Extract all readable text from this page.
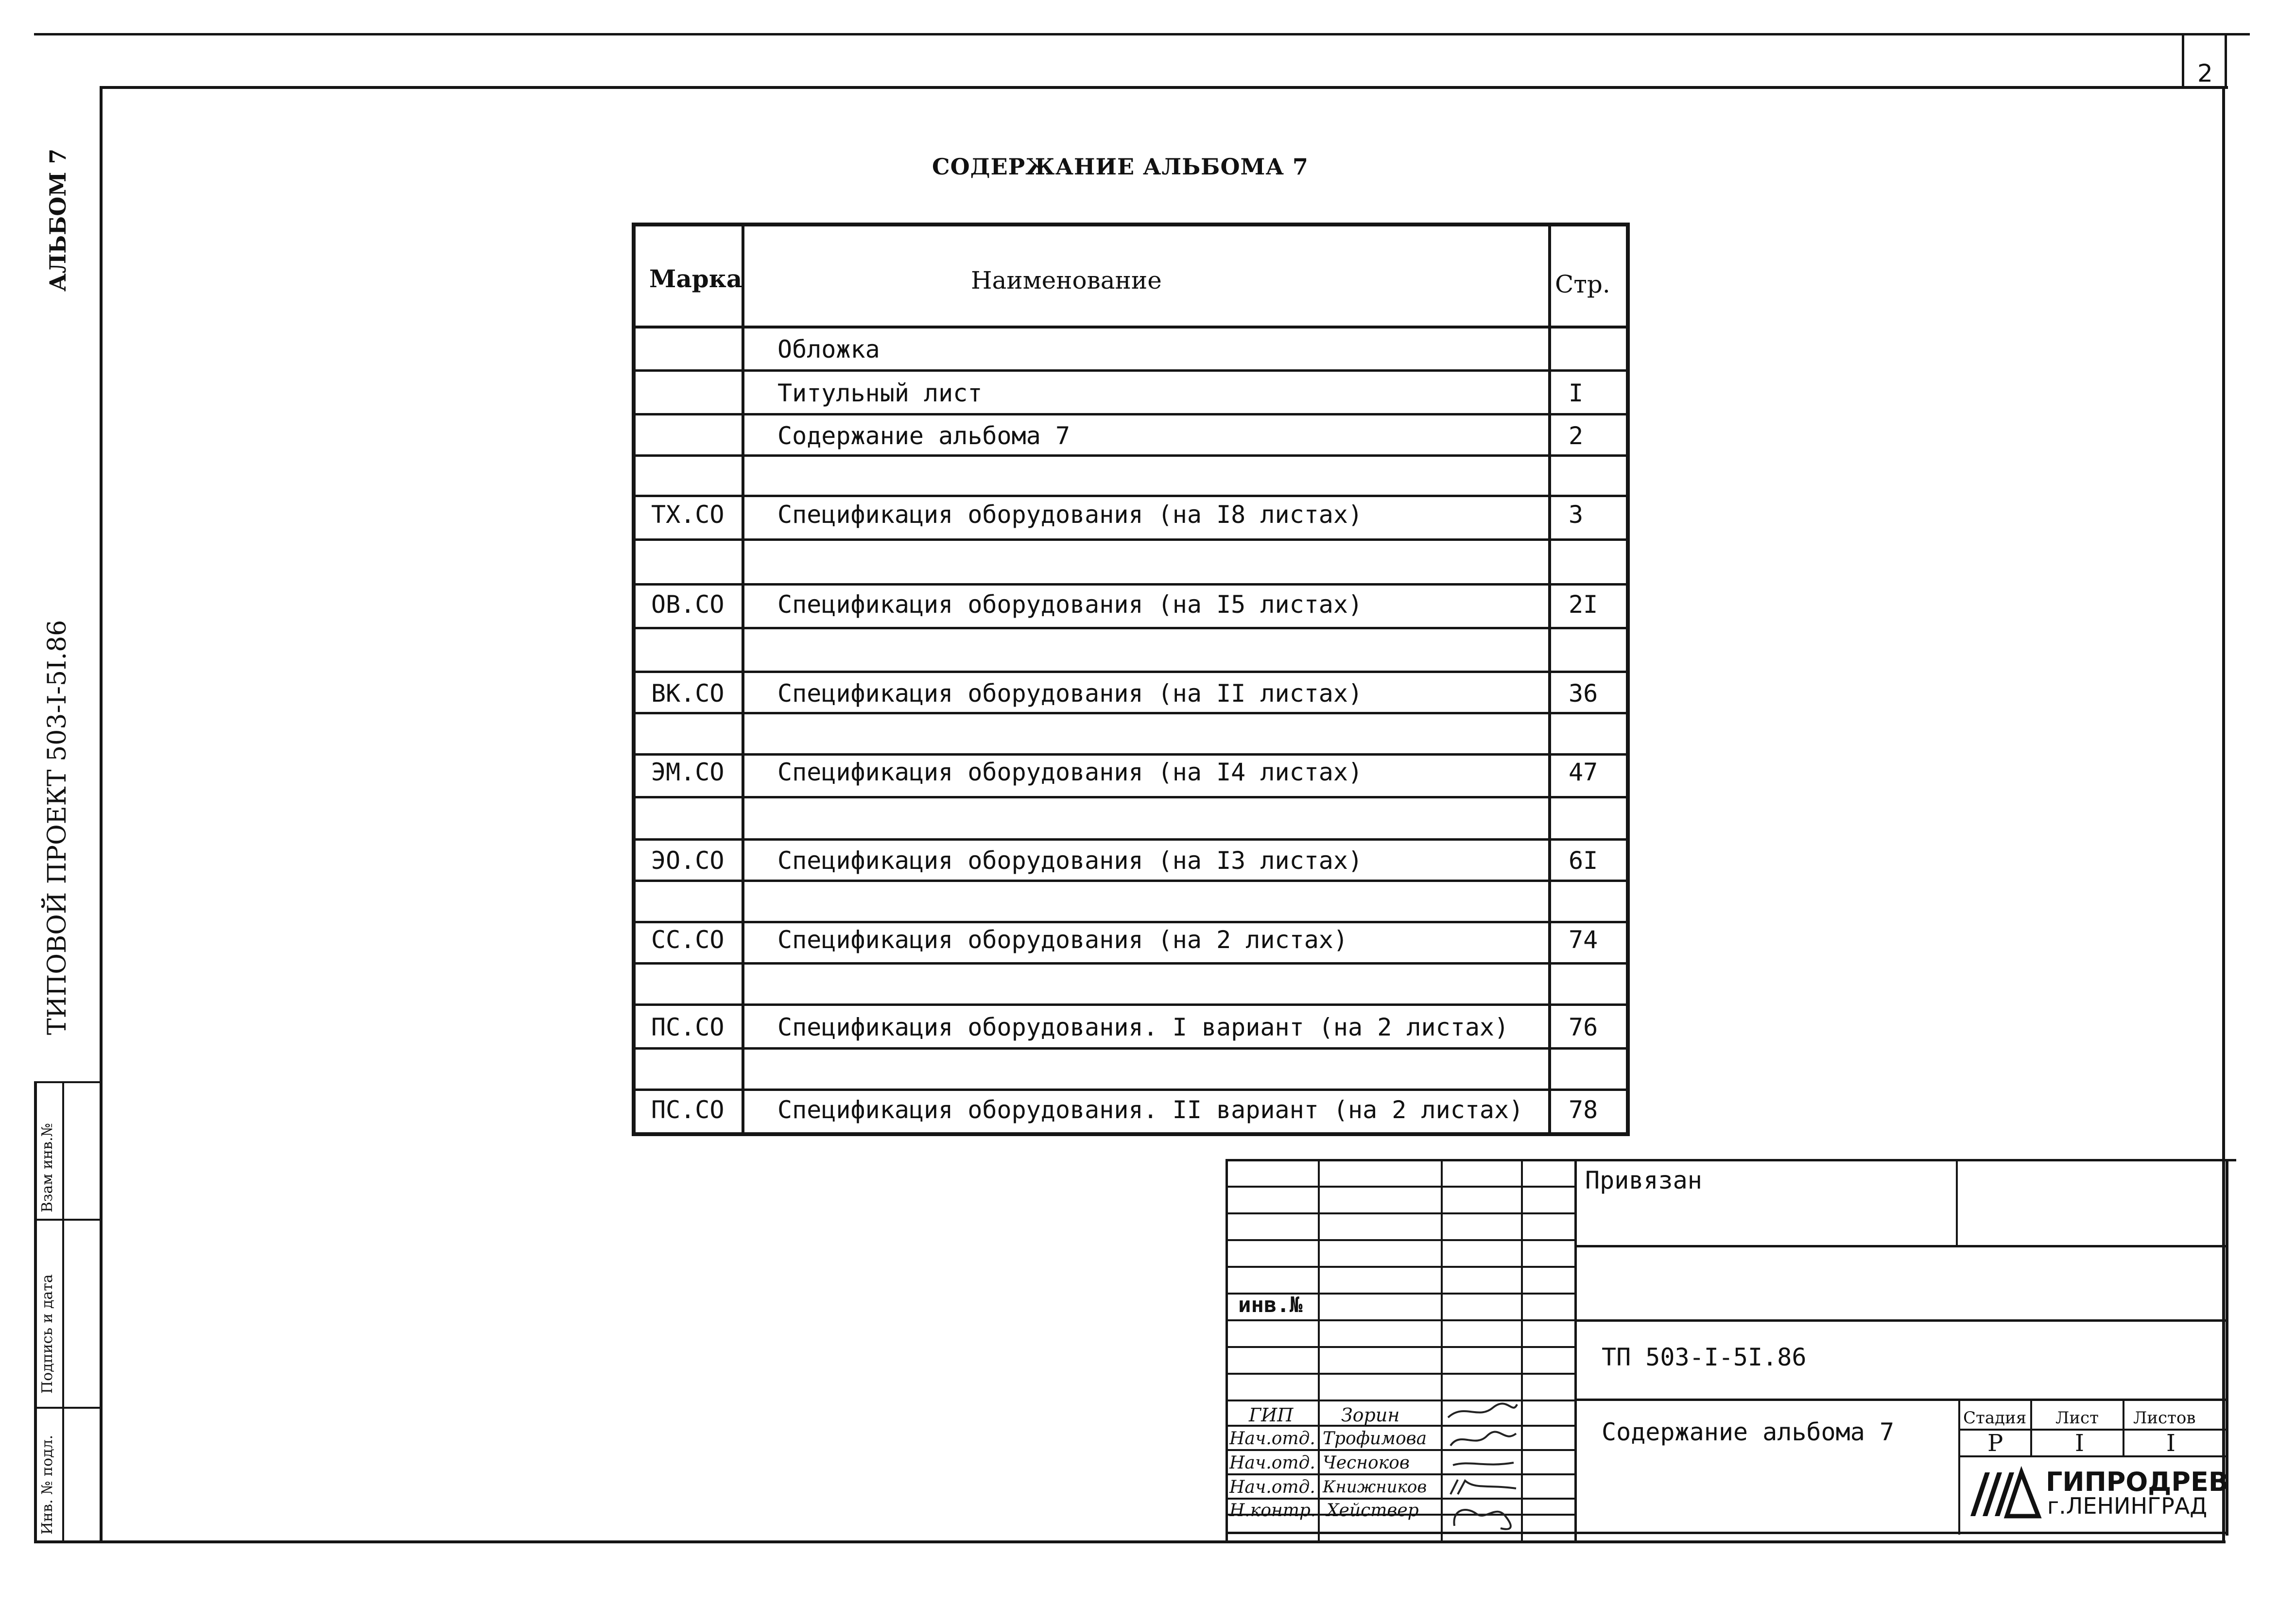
2
АЛЬБОМ 7
ТИПОВОЙ ПРОЕКТ 503-I-5I.86
Взам инв.№
Подпись и дата
Инв. № подл.
СОДЕРЖАНИЕ АЛЬБОМА 7
Марка	Наименование	Стр.
Обложка
Титульный лист	I
Содержание альбома 7	2
ТХ.СО Спецификация оборудования (на I8 листах)	3
ОВ.СО Спецификация оборудования (на I5 листах)	2I
ВК.СО Спецификация оборудования (на II листах)	36
ЭМ.СО Спецификация оборудования (на I4 листах)	47
ЭО.СО Спецификация оборудования (на I3 листах)	6I
СС.СО Спецификация оборудования (на 2 листах)	74
ПС.СО Спецификация оборудования. I вариант (на 2 листах) 76
ПС.СО Спецификация оборудования. II вариант (на 2 листах) 78
Привязан
инв.№
ТП 503-I-5I.86
Содержание альбома 7	Стадия Лист Листов
Р	I	I
ГИПРОДРЕВ
г.ЛЕНИНГРАД
ГИП	Зорин
Нач.отд. Трофимова
Нач.отд. Чесноков
Нач.отд. Книжников
Н.контр. Хействер
